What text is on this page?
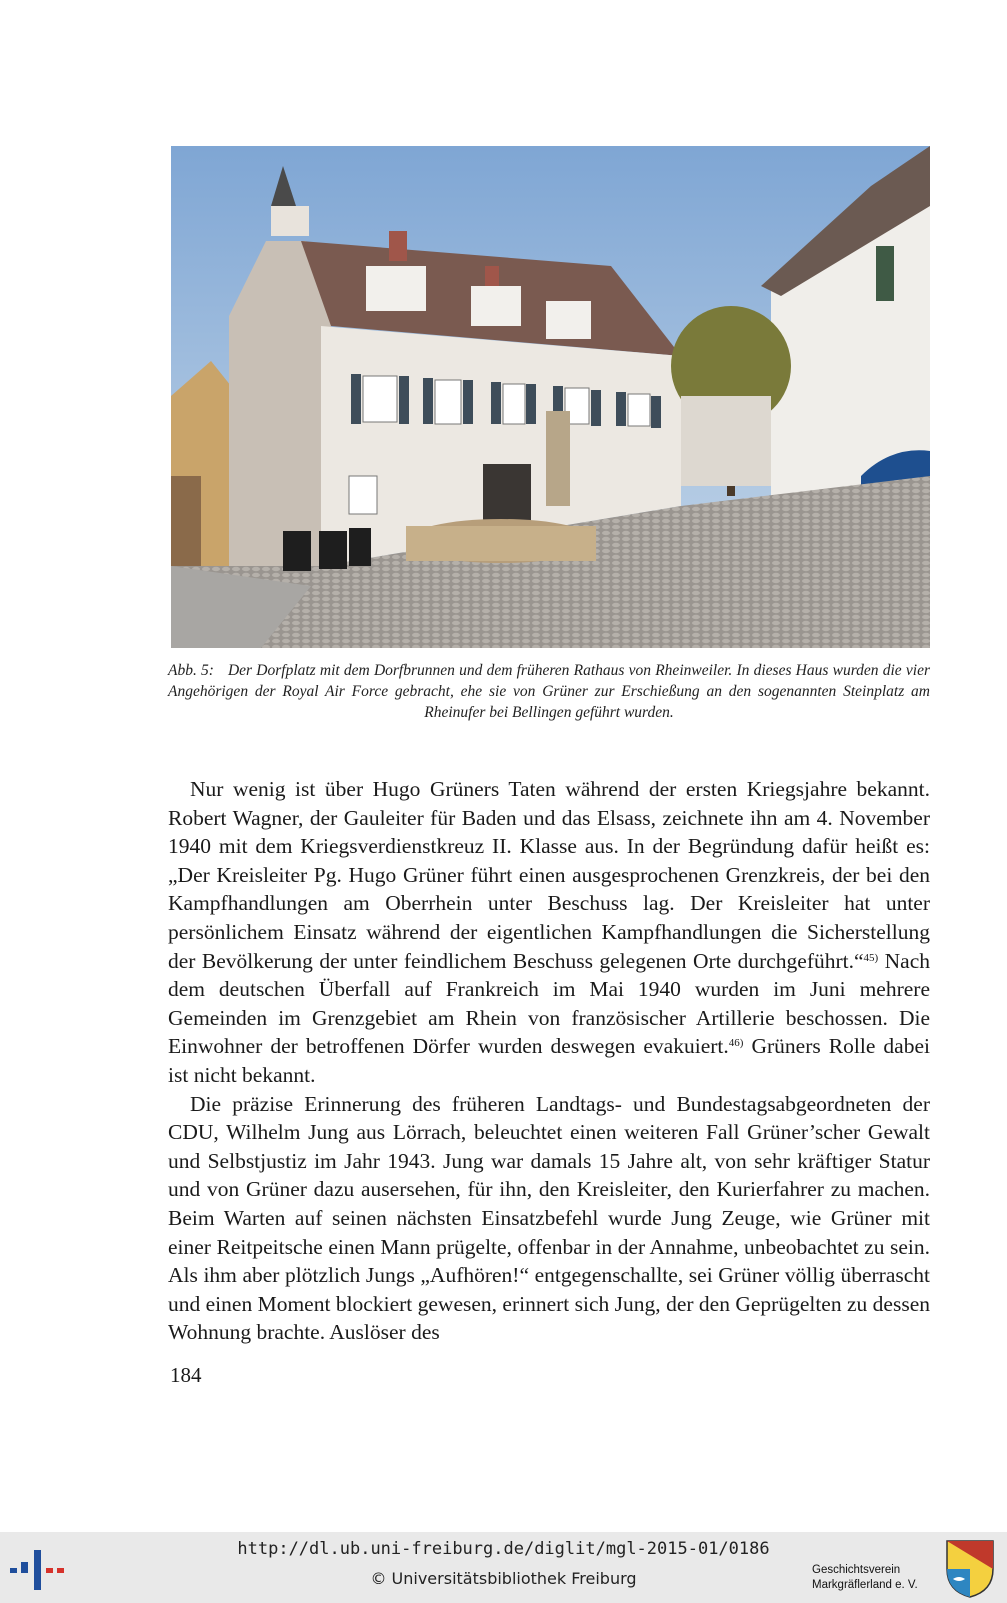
Abb. 5: Der Dorfplatz mit dem Dorfbrunnen und dem früheren Rathaus von Rheinweiler. In dieses Haus wurden die vier Angehörigen der Royal Air Force gebracht, ehe sie von Grüner zur Erschießung an den sogenannten Steinplatz am Rheinufer bei Bellingen geführt wurden.

Nur wenig ist über Hugo Grüners Taten während der ersten Kriegsjahre bekannt. Robert Wagner, der Gauleiter für Baden und das Elsass, zeichnete ihn am 4. November 1940 mit dem Kriegsverdienstkreuz II. Klasse aus. In der Begründung dafür heißt es: „Der Kreisleiter Pg. Hugo Grüner führt einen ausgesprochenen Grenzkreis, der bei den Kampfhandlungen am Oberrhein unter Beschuss lag. Der Kreisleiter hat unter persönlichem Einsatz während der eigentlichen Kampfhandlungen die Sicherstellung der Bevölkerung der unter feindlichem Beschuss gelegenen Orte durchgeführt.“$^{45)}$ Nach dem deutschen Überfall auf Frankreich im Mai 1940 wurden im Juni mehrere Gemeinden im Grenzgebiet am Rhein von französischer Artillerie beschossen. Die Einwohner der betroffenen Dörfer wurden deswegen evakuiert.$^{46)}$ Grüners Rolle dabei ist nicht bekannt.

Die präzise Erinnerung des früheren Landtags- und Bundestagsabgeordneten der CDU, Wilhelm Jung aus Lörrach, beleuchtet einen weiteren Fall Grüner’scher Gewalt und Selbstjustiz im Jahr 1943. Jung war damals 15 Jahre alt, von sehr kräftiger Statur und von Grüner dazu ausersehen, für ihn, den Kreisleiter, den Kurierfahrer zu machen. Beim Warten auf seinen nächsten Einsatzbefehl wurde Jung Zeuge, wie Grüner mit einer Reitpeitsche einen Mann prügelte, offenbar in der Annahme, unbeobachtet zu sein. Als ihm aber plötzlich Jungs „Aufhören!“ entgegenschallte, sei Grüner völlig überrascht und einen Moment blockiert gewesen, erinnert sich Jung, der den Geprügelten zu dessen Wohnung brachte. Auslöser des

184
http://dl.ub.uni-freiburg.de/diglit/mgl-2015-01/0186
© Universitätsbibliothek Freiburg	Geschichtsverein
Markgräflerland e. V.
